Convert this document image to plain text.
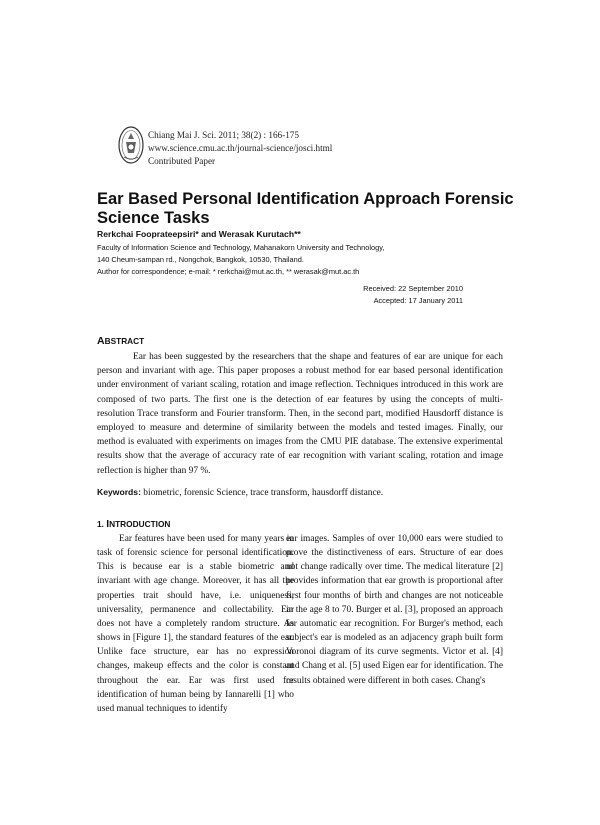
Chiang Mai J. Sci. 2011; 38(2) : 166-175
www.science.cmu.ac.th/journal-science/josci.html
Contributed Paper
Ear Based Personal Identification Approach Forensic Science Tasks
Rerkchai Fooprateepsiri* and Werasak Kurutach**
Faculty of Information Science and Technology, Mahanakorn University and Technology,
140 Cheum-sampan rd., Nongchok, Bangkok, 10530, Thailand.
Author for correspondence; e-mail: * rerkchai@mut.ac.th, ** werasak@mut.ac.th
Received: 22 September 2010
Accepted: 17 January 2011
ABSTRACT

Ear has been suggested by the researchers that the shape and features of ear are unique for each person and invariant with age. This paper proposes a robust method for ear based personal identification under environment of variant scaling, rotation and image reflection. Techniques introduced in this work are composed of two parts. The first one is the detection of ear features by using the concepts of multi-resolution Trace transform and Fourier transform. Then, in the second part, modified Hausdorff distance is employed to measure and determine of similarity between the models and tested images. Finally, our method is evaluated with experiments on images from the CMU PIE database. The extensive experimental results show that the average of accuracy rate of ear recognition with variant scaling, rotation and image reflection is higher than 97 %.

Keywords: biometric, forensic Science, trace transform, hausdorff distance.
1. INTRODUCTION

Ear features have been used for many years in task of forensic science for personal identification. This is because ear is a stable biometric and invariant with age change. Moreover, it has all the properties trait should have, i.e. uniqueness, universality, permanence and collectability. Ear does not have a completely random structure. As shows in [Figure 1], the standard features of the ear. Unlike face structure, ear has no expression changes, makeup effects and the color is constant throughout the ear. Ear was first used for identification of human being by Iannarelli [1] who used manual techniques to identify

ear images. Samples of over 10,000 ears were studied to prove the distinctiveness of ears. Structure of ear does not change radically over time. The medical literature [2] provides information that ear growth is proportional after first four months of birth and changes are not noticeable in the age 8 to 70. Burger et al. [3], proposed an approach for automatic ear recognition. For Burger's method, each subject's ear is modeled as an adjacency graph built form Voronoi diagram of its curve segments. Victor et al. [4] and Chang et al. [5] used Eigen ear for identification. The results obtained were different in both cases. Chang's
